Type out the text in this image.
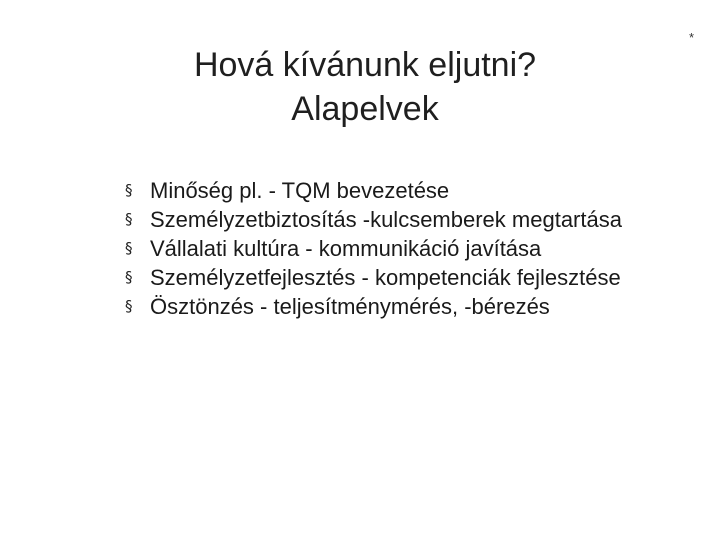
Hová kívánunk eljutni?
Alapelvek
*
§ Minőség pl. - TQM bevezetése
§ Személyzetbiztosítás -kulcsemberek megtartása
§ Vállalati kultúra - kommunikáció javítása
§ Személyzetfejlesztés - kompetenciák fejlesztése
§ Ösztönzés - teljesítménymérés, -bérezés
